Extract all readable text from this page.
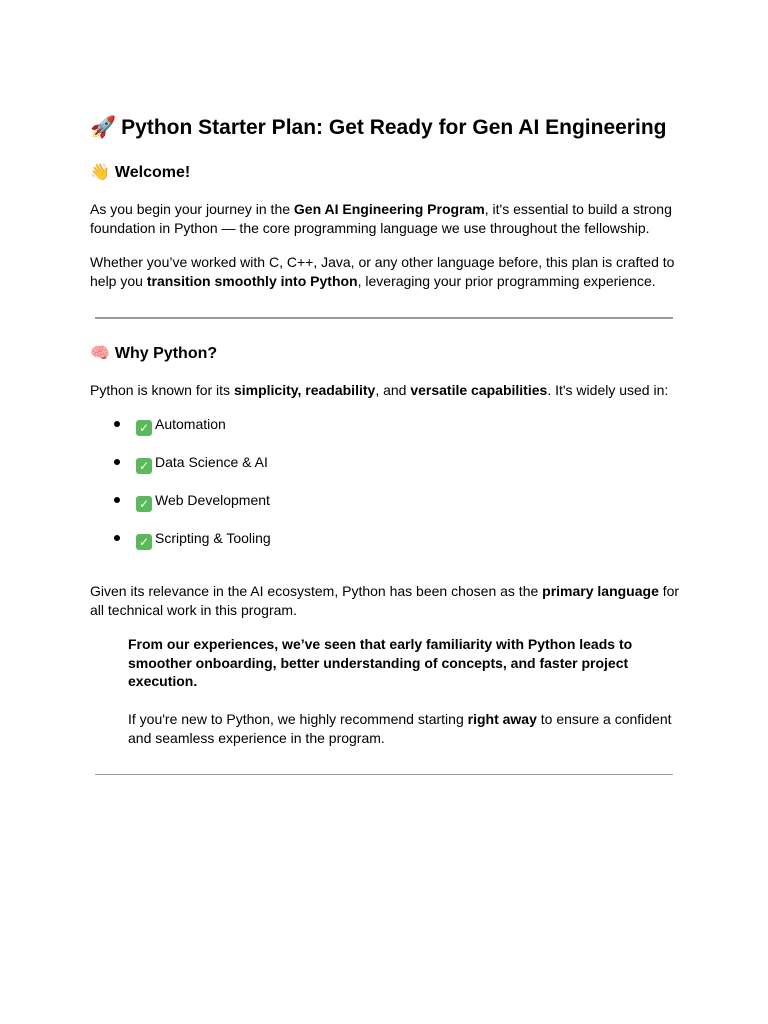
🚀 Python Starter Plan: Get Ready for Gen AI Engineering
👋 Welcome!

As you begin your journey in the Gen AI Engineering Program, it's essential to build a strong foundation in Python — the core programming language we use throughout the fellowship.

Whether you’ve worked with C, C++, Java, or any other language before, this plan is crafted to help you transition smoothly into Python, leveraging your prior programming experience.

🧠 Why Python?

Python is known for its simplicity, readability, and versatile capabilities. It's widely used in:

✓ Automation
✓ Data Science & AI
✓ Web Development
✓ Scripting & Tooling

Given its relevance in the AI ecosystem, Python has been chosen as the primary language for all technical work in this program.

From our experiences, we’ve seen that early familiarity with Python leads to smoother onboarding, better understanding of concepts, and faster project execution.

If you're new to Python, we highly recommend starting right away to ensure a confident and seamless experience in the program.
